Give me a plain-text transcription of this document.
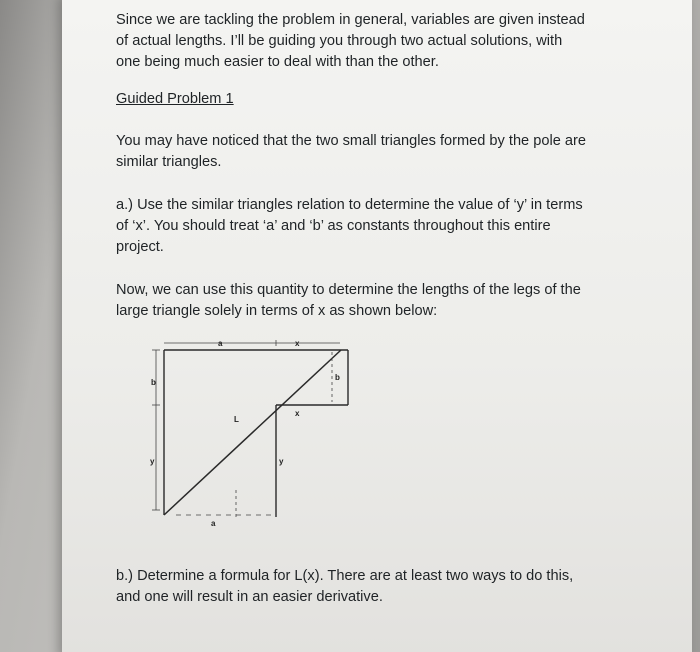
Since we are tackling the problem in general, variables are given instead of actual lengths. I’ll be guiding you through two actual solutions, with one being much easier to deal with than the other.
Guided Problem 1
You may have noticed that the two small triangles formed by the pole are similar triangles.
a.) Use the similar triangles relation to determine the value of ‘y’ in terms of ‘x’. You should treat ‘a’ and ‘b’ as constants throughout this entire project.
Now, we can use this quantity to determine the lengths of the legs of the large triangle solely in terms of x as shown below:
a	x
b
b
L
x
y	y
a
b.) Determine a formula for L(x). There are at least two ways to do this, and one will result in an easier derivative.
